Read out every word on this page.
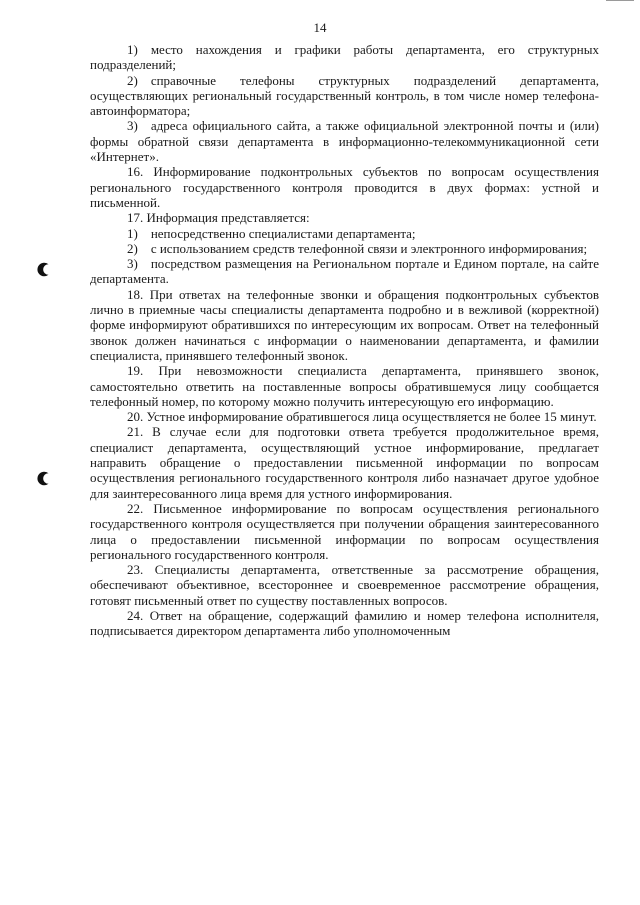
14

1) место нахождения и графики работы департамента, его структурных подразделений;

2) справочные телефоны структурных подразделений департамента, осуществляющих региональный государственный контроль, в том числе номер телефона-автоинформатора;

3) адреса официального сайта, а также официальной электронной почты и (или) формы обратной связи департамента в информационно-телекоммуникационной сети «Интернет».

16. Информирование подконтрольных субъектов по вопросам осуществления регионального государственного контроля проводится в двух формах: устной и письменной.

17. Информация представляется:

1) непосредственно специалистами департамента;

2) с использованием средств телефонной связи и электронного информирования;

3) посредством размещения на Региональном портале и Едином портале, на сайте департамента.

18. При ответах на телефонные звонки и обращения подконтрольных субъектов лично в приемные часы специалисты департамента подробно и в вежливой (корректной) форме информируют обратившихся по интересующим их вопросам. Ответ на телефонный звонок должен начинаться с информации о наименовании департамента, и фамилии специалиста, принявшего телефонный звонок.

19. При невозможности специалиста департамента, принявшего звонок, самостоятельно ответить на поставленные вопросы обратившемуся лицу сообщается телефонный номер, по которому можно получить интересующую его информацию.

20. Устное информирование обратившегося лица осуществляется не более 15 минут.

21. В случае если для подготовки ответа требуется продолжительное время, специалист департамента, осуществляющий устное информирование, предлагает направить обращение о предоставлении письменной информации по вопросам осуществления регионального государственного контроля либо назначает другое удобное для заинтересованного лица время для устного информирования.

22. Письменное информирование по вопросам осуществления регионального государственного контроля осуществляется при получении обращения заинтересованного лица о предоставлении письменной информации по вопросам осуществления регионального государственного контроля.

23. Специалисты департамента, ответственные за рассмотрение обращения, обеспечивают объективное, всестороннее и своевременное рассмотрение обращения, готовят письменный ответ по существу поставленных вопросов.

24. Ответ на обращение, содержащий фамилию и номер телефона исполнителя, подписывается директором департамента либо уполномоченным
